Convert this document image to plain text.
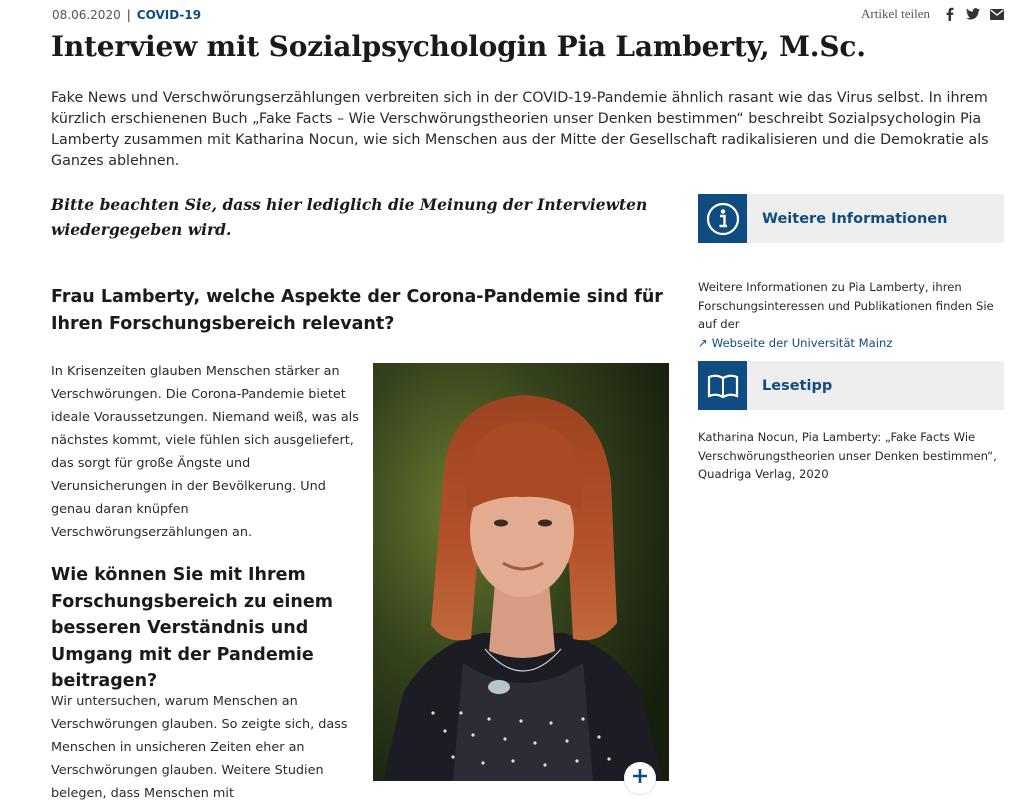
08.06.2020 | COVID-19	Artikel teilen
Interview mit Sozialpsychologin Pia Lamberty, M.Sc.

Fake News und Verschwörungserzählungen verbreiten sich in der COVID-19-Pandemie ähnlich rasant wie das Virus selbst. In ihrem kürzlich erschienenen Buch „Fake Facts – Wie Verschwörungstheorien unser Denken bestimmen“ beschreibt Sozialpsychologin Pia Lamberty zusammen mit Katharina Nocun, wie sich Menschen aus der Mitte der Gesellschaft radikalisieren und die Demokratie als Ganzes ablehnen.

Bitte beachten Sie, dass hier lediglich die Meinung der Interviewten wiedergegeben wird.

Frau Lamberty, welche Aspekte der Corona-Pandemie sind für Ihren Forschungsbereich relevant?

In Krisenzeiten glauben Menschen stärker an Verschwörungen. Die Corona-Pandemie bietet ideale Voraussetzungen. Niemand weiß, was als nächstes kommt, viele fühlen sich ausgeliefert, das sorgt für große Ängste und Verunsicherungen in der Bevölkerung. Und genau daran knüpfen Verschwörungserzählungen an.

Wie können Sie mit Ihrem Forschungsbereich zu einem besseren Verständnis und Umgang mit der Pandemie beitragen?

Wir untersuchen, warum Menschen an Verschwörungen glauben. So zeigte sich, dass Menschen in unsicheren Zeiten eher an Verschwörungen glauben. Weitere Studien belegen, dass Menschen mit

Weitere Informationen

Weitere Informationen zu Pia Lamberty, ihren Forschungsinteressen und Publikationen finden Sie auf der
↗ Webseite der Universität Mainz

Lesetipp

Katharina Nocun, Pia Lamberty: „Fake Facts Wie Verschwörungstheorien unser Denken bestimmen“, Quadriga Verlag, 2020
